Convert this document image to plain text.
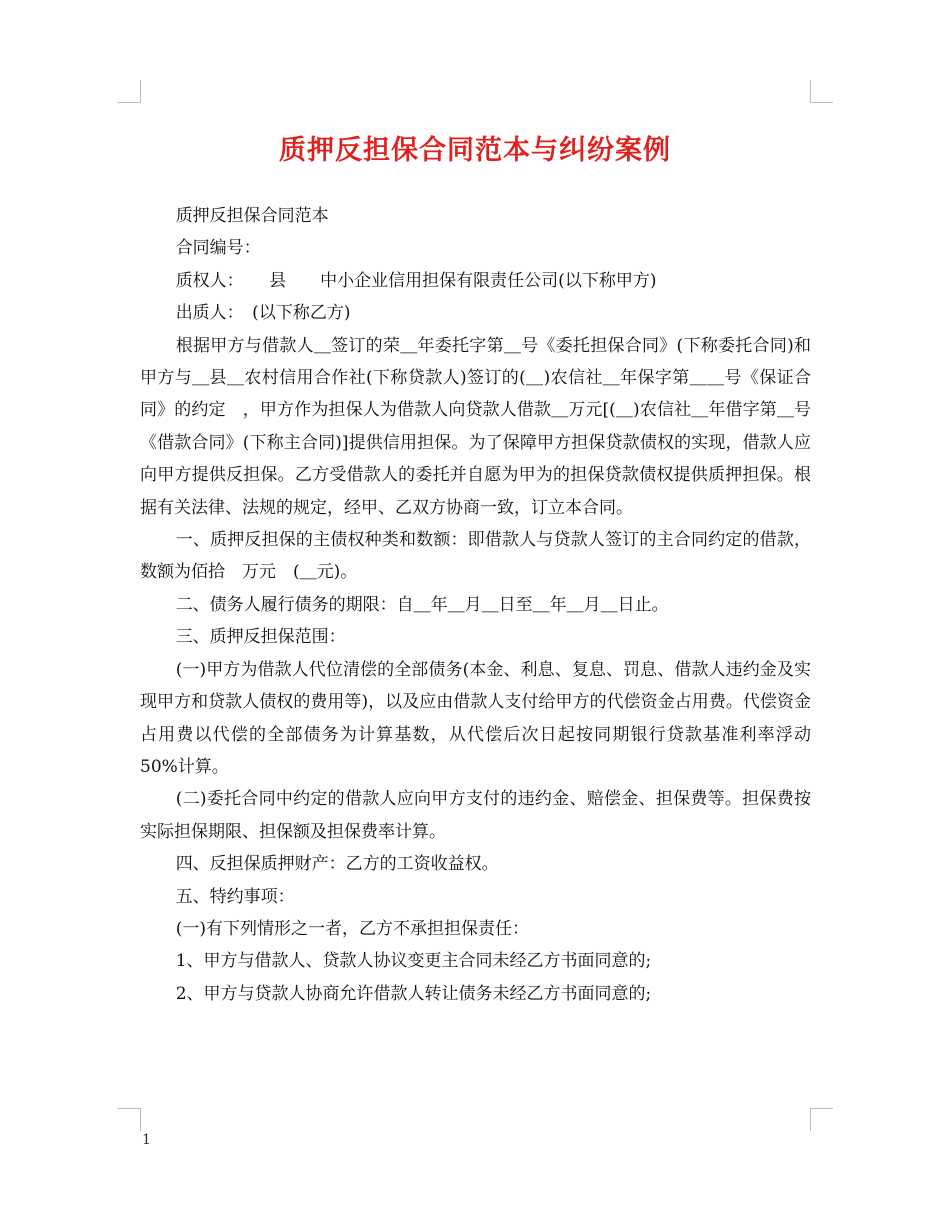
质押反担保合同范本与纠纷案例

质押反担保合同范本

合同编号：

质权人：　　县　　中小企业信用担保有限责任公司(以下称甲方)

出质人：　(以下称乙方)

根据甲方与借款人＿签订的荣＿年委托字第＿号《委托担保合同》(下称委托合同)和甲方与＿县＿农村信用合作社(下称贷款人)签订的(＿)农信社＿年保字第＿＿号《保证合同》的约定　，甲方作为担保人为借款人向贷款人借款＿万元[(＿)农信社＿年借字第＿号《借款合同》(下称主合同)]提供信用担保。为了保障甲方担保贷款债权的实现，借款人应向甲方提供反担保。乙方受借款人的委托并自愿为甲为的担保贷款债权提供质押担保。根据有关法律、法规的规定，经甲、乙双方协商一致，订立本合同。

一、质押反担保的主债权种类和数额：即借款人与贷款人签订的主合同约定的借款，数额为佰拾　万元　(＿元)。

二、债务人履行债务的期限：自＿年＿月＿日至＿年＿月＿日止。

三、质押反担保范围：

(一)甲方为借款人代位清偿的全部债务(本金、利息、复息、罚息、借款人违约金及实现甲方和贷款人债权的费用等)，以及应由借款人支付给甲方的代偿资金占用费。代偿资金占用费以代偿的全部债务为计算基数，从代偿后次日起按同期银行贷款基准利率浮动 50%计算。

(二)委托合同中约定的借款人应向甲方支付的违约金、赔偿金、担保费等。担保费按实际担保期限、担保额及担保费率计算。

四、反担保质押财产：乙方的工资收益权。

五、特约事项：

(一)有下列情形之一者，乙方不承担担保责任：

1、甲方与借款人、贷款人协议变更主合同未经乙方书面同意的;

2、甲方与贷款人协商允许借款人转让债务未经乙方书面同意的;

1
